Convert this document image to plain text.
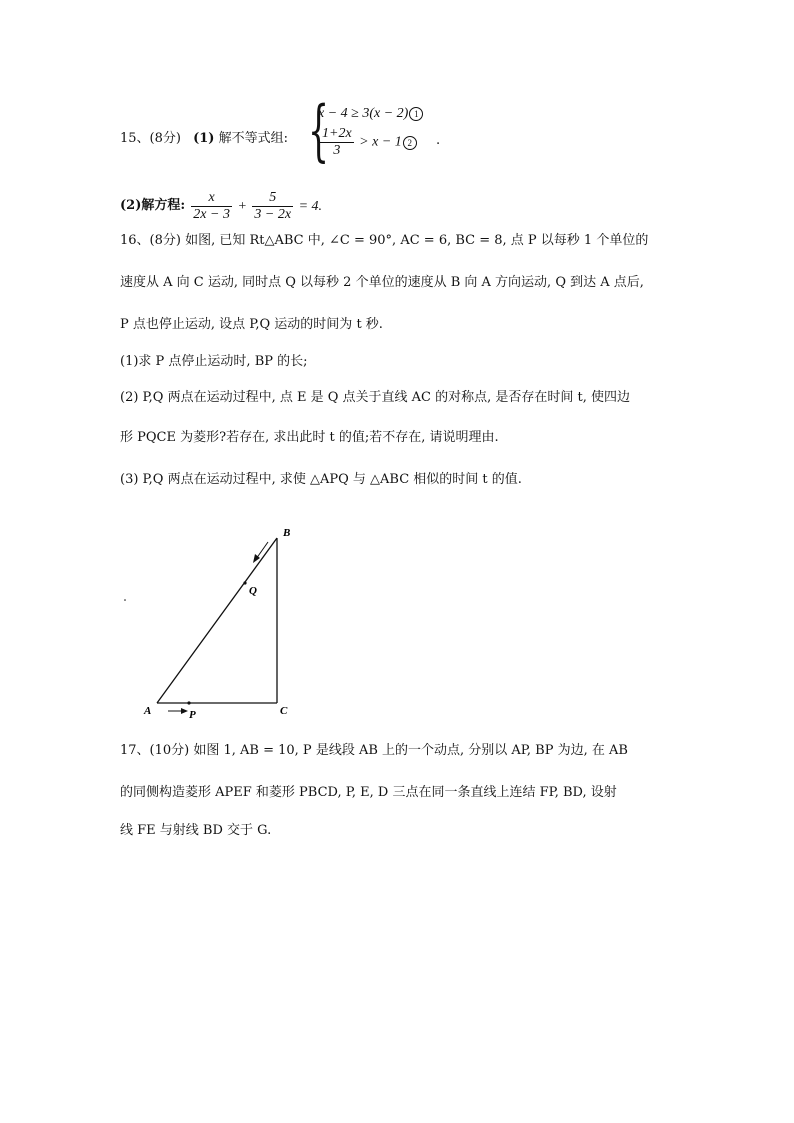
15、(8分) (1) 解不等式组: {
x − 4 ≥ 3(x − 2) 1
$\frac{1+2x}{3} > x - 1$ 2	.
(2)解方程: $\frac{x}{2x - 3} + \frac{5}{3 - 2x} = 4$.
16、(8分) 如图, 已知 Rt△ABC 中, ∠C = 90°, AC = 6, BC = 8, 点 P 以每秒 1 个单位的
速度从 A 向 C 运动, 同时点 Q 以每秒 2 个单位的速度从 B 向 A 方向运动, Q 到达 A 点后,
P 点也停止运动, 设点 P,Q 运动的时间为 t 秒.
(1)求 P 点停止运动时, BP 的长;
(2) P,Q 两点在运动过程中, 点 E 是 Q 点关于直线 AC 的对称点, 是否存在时间 t, 使四边
形 PQCE 为菱形?若存在, 求出此时 t 的值;若不存在, 请说明理由.
(3) P,Q 两点在运动过程中, 求使 △APQ 与 △ABC 相似的时间 t 的值.
B
Q
A	P	C
17、(10分) 如图 1, AB = 10, P 是线段 AB 上的一个动点, 分别以 AP, BP 为边, 在 AB
的同侧构造菱形 APEF 和菱形 PBCD, P, E, D 三点在同一条直线上连结 FP, BD, 设射
线 FE 与射线 BD 交于 G.
